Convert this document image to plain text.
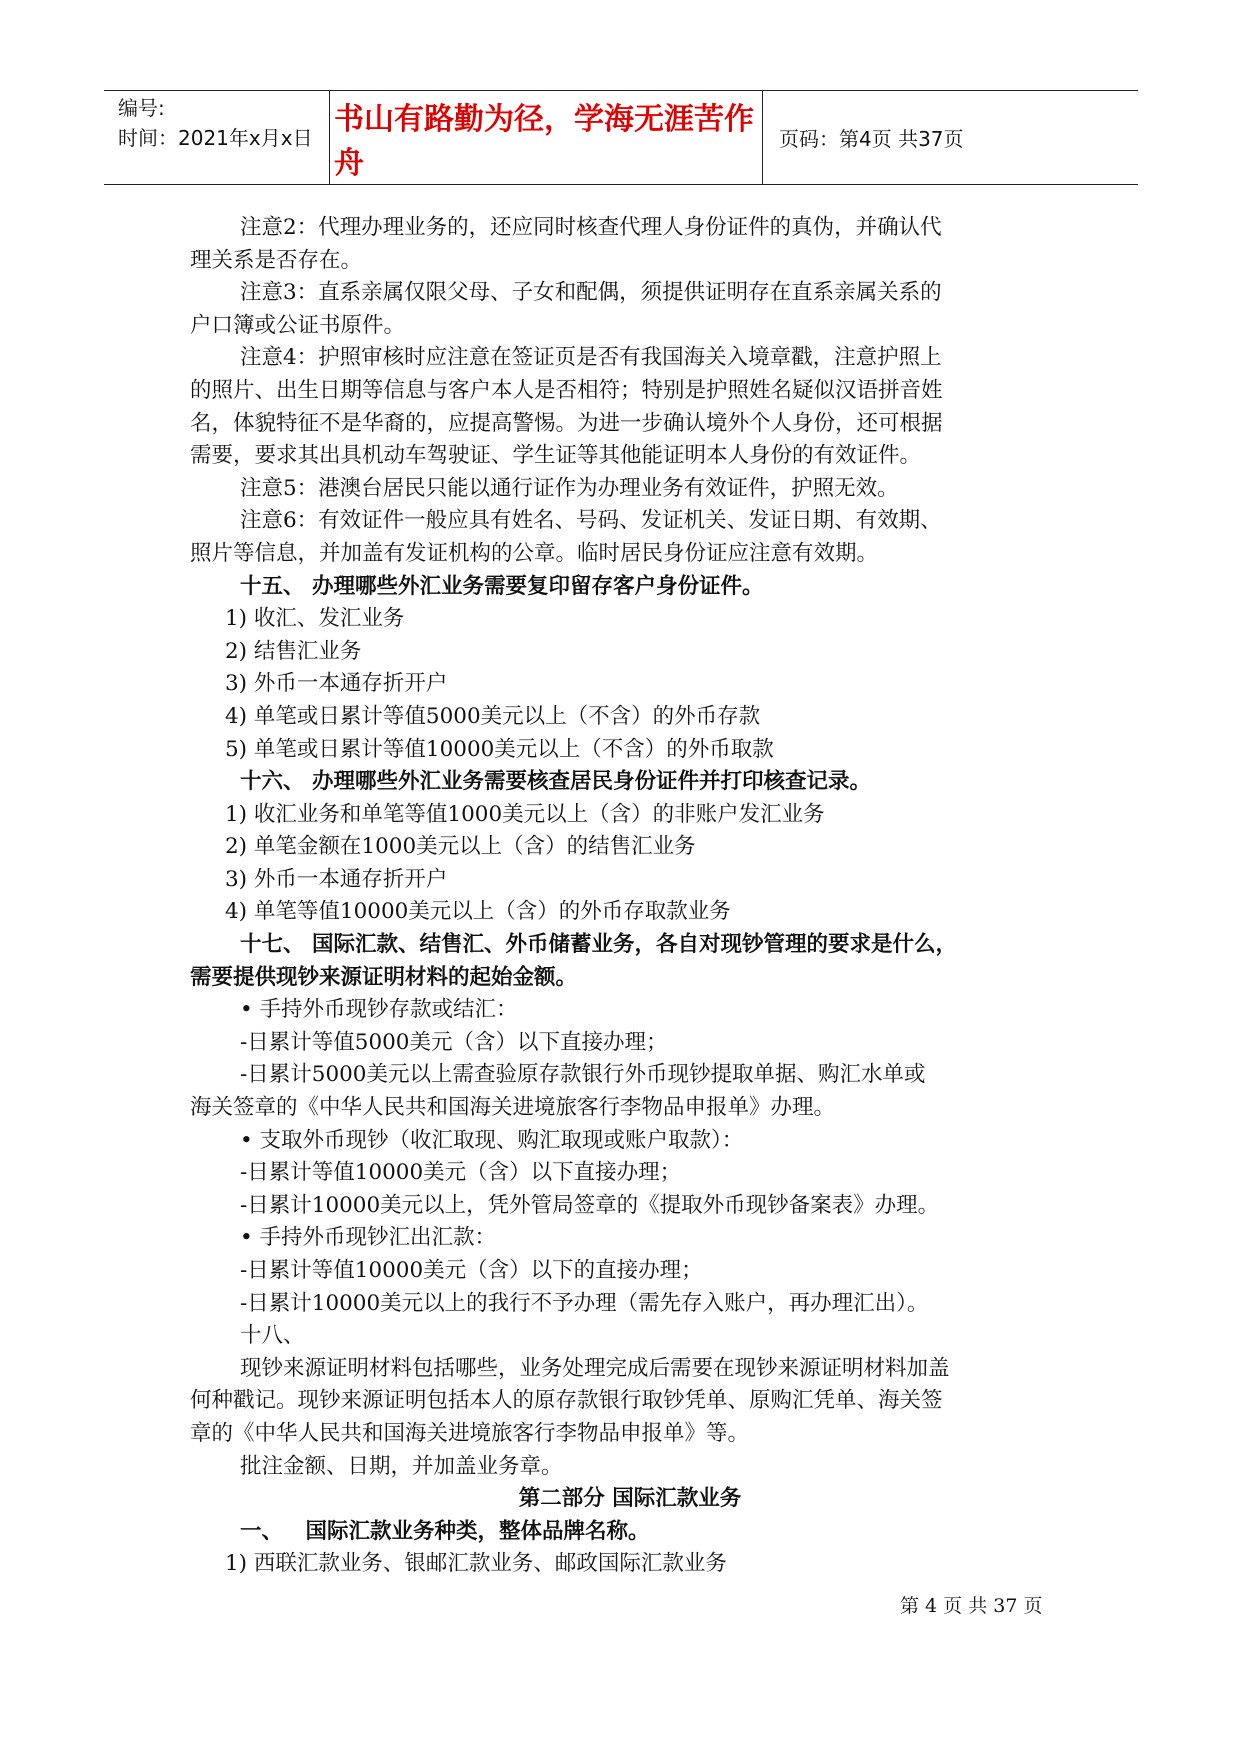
编号:
时间：2021年x月x日
书山有路勤为径，学海无涯苦作舟
页码：第4页 共37页

注意2：代理办理业务的，还应同时核查代理人身份证件的真伪，并确认代

理关系是否存在。

注意3：直系亲属仅限父母、子女和配偶，须提供证明存在直系亲属关系的

户口簿或公证书原件。

注意4：护照审核时应注意在签证页是否有我国海关入境章戳，注意护照上

的照片、出生日期等信息与客户本人是否相符；特别是护照姓名疑似汉语拼音姓

名，体貌特征不是华裔的，应提高警惕。为进一步确认境外个人身份，还可根据

需要，要求其出具机动车驾驶证、学生证等其他能证明本人身份的有效证件。

注意5：港澳台居民只能以通行证作为办理业务有效证件，护照无效。

注意6：有效证件一般应具有姓名、号码、发证机关、发证日期、有效期、

照片等信息，并加盖有发证机构的公章。临时居民身份证应注意有效期。

十五、 办理哪些外汇业务需要复印留存客户身份证件。

1) 收汇、发汇业务

2) 结售汇业务

3) 外币一本通存折开户

4) 单笔或日累计等值5000美元以上（不含）的外币存款

5) 单笔或日累计等值10000美元以上（不含）的外币取款

十六、 办理哪些外汇业务需要核查居民身份证件并打印核查记录。

1) 收汇业务和单笔等值1000美元以上（含）的非账户发汇业务

2) 单笔金额在1000美元以上（含）的结售汇业务

3) 外币一本通存折开户

4) 单笔等值10000美元以上（含）的外币存取款业务

十七、 国际汇款、结售汇、外币储蓄业务，各自对现钞管理的要求是什么，

需要提供现钞来源证明材料的起始金额。

• 手持外币现钞存款或结汇：

-日累计等值5000美元（含）以下直接办理；

-日累计5000美元以上需查验原存款银行外币现钞提取单据、购汇水单或

海关签章的《中华人民共和国海关进境旅客行李物品申报单》办理。

• 支取外币现钞（收汇取现、购汇取现或账户取款）：

-日累计等值10000美元（含）以下直接办理；

-日累计10000美元以上，凭外管局签章的《提取外币现钞备案表》办理。

• 手持外币现钞汇出汇款：

-日累计等值10000美元（含）以下的直接办理；

-日累计10000美元以上的我行不予办理（需先存入账户，再办理汇出）。

十八、

现钞来源证明材料包括哪些，业务处理完成后需要在现钞来源证明材料加盖

何种戳记。现钞来源证明包括本人的原存款银行取钞凭单、原购汇凭单、海关签

章的《中华人民共和国海关进境旅客行李物品申报单》等。

批注金额、日期，并加盖业务章。

第二部分 国际汇款业务

一、   国际汇款业务种类，整体品牌名称。

1) 西联汇款业务、银邮汇款业务、邮政国际汇款业务

第 4 页 共 37 页
